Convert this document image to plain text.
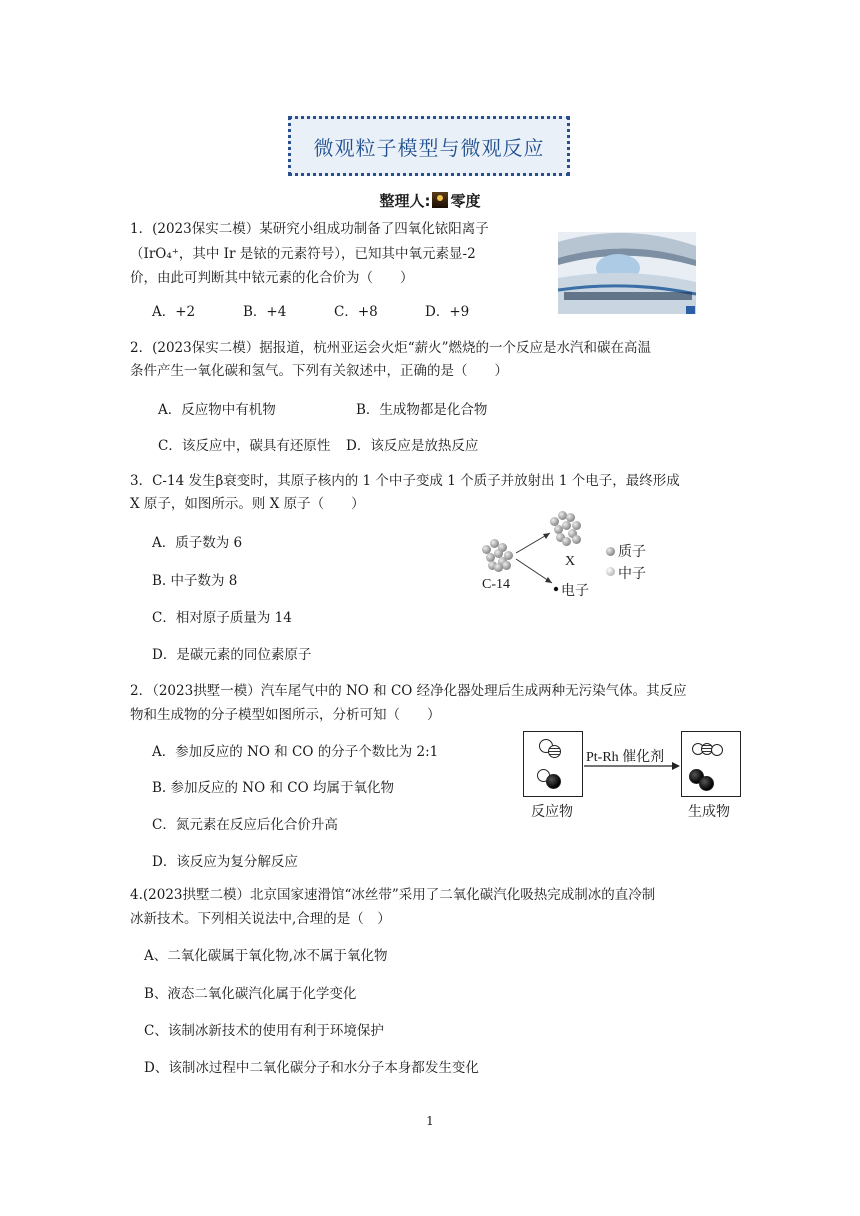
微观粒子模型与微观反应
整理人: 零度
1．(2023保实二模）某研究小组成功制备了四氧化铱阳离子
（IrO₄⁺，其中 Ir 是铱的元素符号），已知其中氧元素显-2
价，由此可判断其中铱元素的化合价为（　　）
A．+2	B．+4	C．+8	D．+9
2．(2023保实二模）据报道，杭州亚运会火炬“薪火”燃烧的一个反应是水汽和碳在高温
条件产生一氧化碳和氢气。下列有关叙述中，正确的是（　　）
A．反应物中有机物	B．生成物都是化合物
C．该反应中，碳具有还原性 D．该反应是放热反应
3．C-14 发生β衰变时，其原子核内的 1 个中子变成 1 个质子并放射出 1 个电子，最终形成
X 原子，如图所示。则 X 原子（　　）
A．质子数为 6
B. 中子数为 8
C．相对原子质量为 14
D．是碳元素的同位素原子
C-14
X
电子
质子
中子
2．（2023拱墅一模）汽车尾气中的 NO 和 CO 经净化器处理后生成两种无污染气体。其反应
物和生成物的分子模型如图所示，分析可知（　　）
A．参加反应的 NO 和 CO 的分子个数比为 2:1
B. 参加反应的 NO 和 CO 均属于氧化物
C．氮元素在反应后化合价升高
D．该反应为复分解反应
Pt-Rh 催化剂
反应物	生成物
4.(2023拱墅二模）北京国家速滑馆“冰丝带”采用了二氧化碳汽化吸热完成制冰的直冷制
冰新技术。下列相关说法中,合理的是（　）
A、二氧化碳属于氧化物,冰不属于氧化物
B、液态二氧化碳汽化属于化学变化
C、该制冰新技术的使用有利于环境保护
D、该制冰过程中二氧化碳分子和水分子本身都发生变化
1
